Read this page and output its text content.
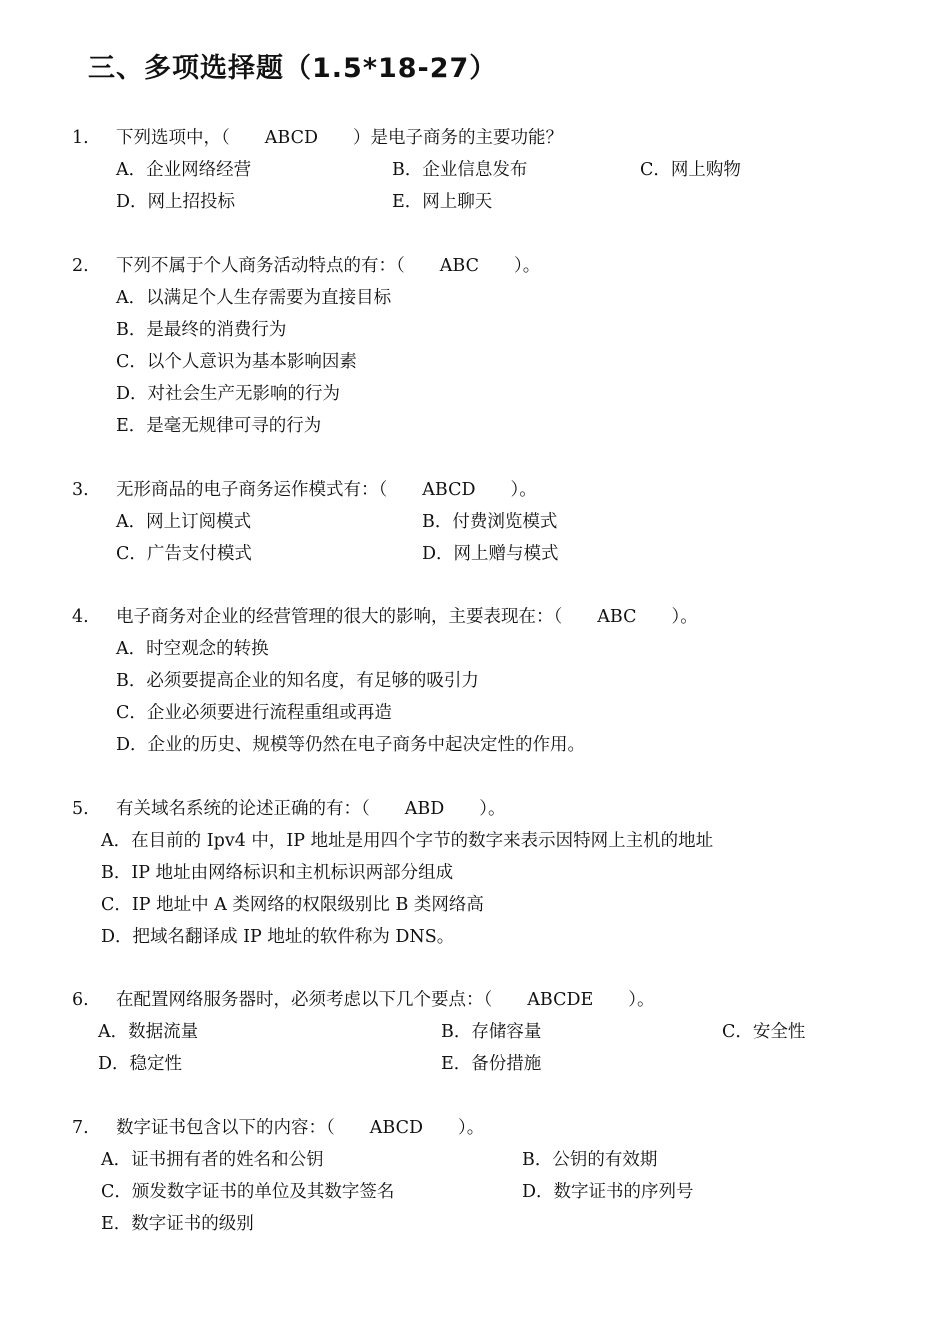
三、多项选择题（1.5*18-27）
1. 下列选项中，（　　ABCD　　）是电子商务的主要功能？
A．企业网络经营	B．企业信息发布	C．网上购物
D．网上招投标	E．网上聊天
2. 下列不属于个人商务活动特点的有：（　　ABC　　）。
A．以满足个人生存需要为直接目标
B．是最终的消费行为
C．以个人意识为基本影响因素
D．对社会生产无影响的行为
E．是毫无规律可寻的行为
3. 无形商品的电子商务运作模式有：（　　ABCD　　）。
A．网上订阅模式	B．付费浏览模式
C．广告支付模式	D．网上赠与模式
4. 电子商务对企业的经营管理的很大的影响，主要表现在：（　　ABC　　）。
A．时空观念的转换
B．必须要提高企业的知名度，有足够的吸引力
C．企业必须要进行流程重组或再造
D．企业的历史、规模等仍然在电子商务中起决定性的作用。
5. 有关域名系统的论述正确的有：（　　ABD　　）。
A．在目前的 Ipv4 中，IP 地址是用四个字节的数字来表示因特网上主机的地址
B．IP 地址由网络标识和主机标识两部分组成
C．IP 地址中 A 类网络的权限级别比 B 类网络高
D．把域名翻译成 IP 地址的软件称为 DNS。
6. 在配置网络服务器时，必须考虑以下几个要点：（　　ABCDE　　）。
A．数据流量	B．存储容量	C．安全性
D．稳定性	E．备份措施
7. 数字证书包含以下的内容：（　　ABCD　　）。
A．证书拥有者的姓名和公钥	B．公钥的有效期
C．颁发数字证书的单位及其数字签名	D．数字证书的序列号
E．数字证书的级别
